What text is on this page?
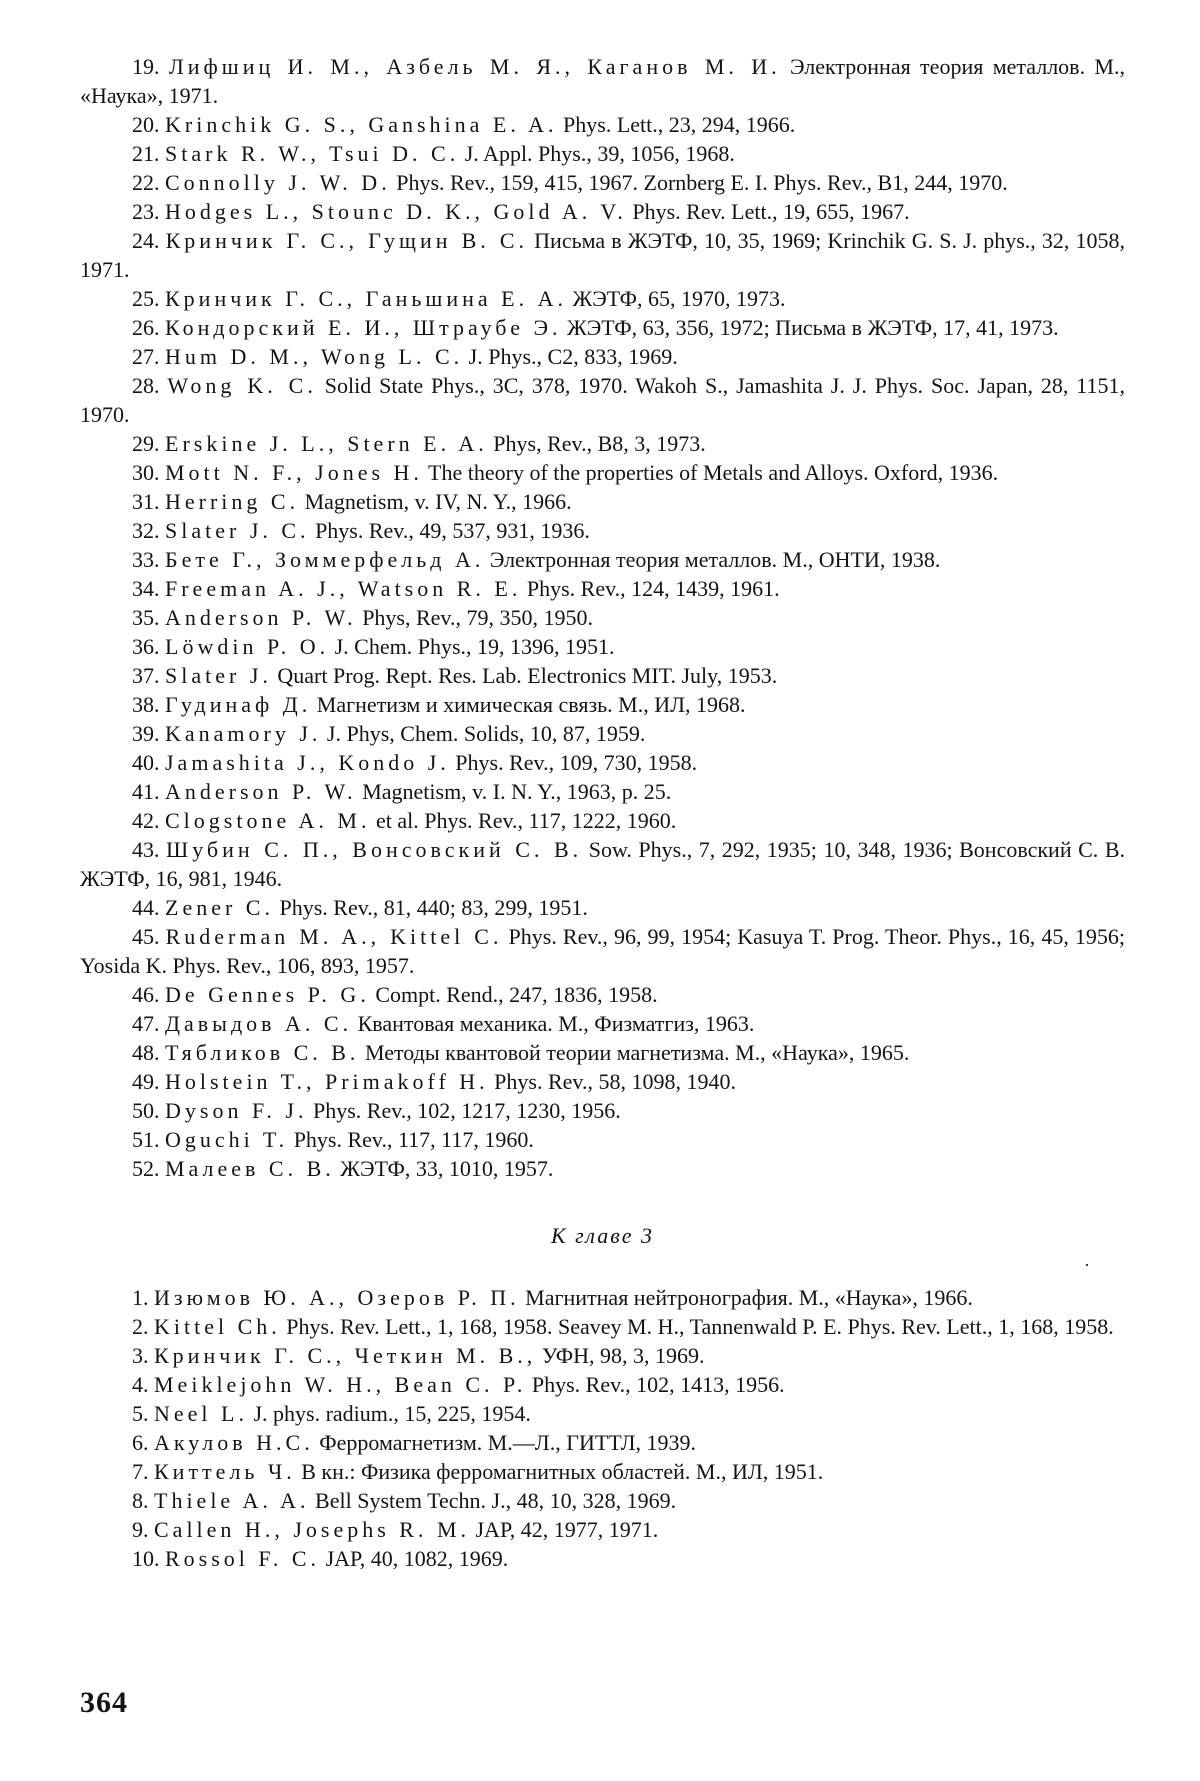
19. Лифшиц И. М., Азбель М. Я., Каганов М. И. Электронная теория металлов. М., «Наука», 1971.

20. Krinchik G. S., Ganshina E. A. Phys. Lett., 23, 294, 1966.

21. Stark R. W., Tsui D. C. J. Appl. Phys., 39, 1056, 1968.

22. Connolly J. W. D. Phys. Rev., 159, 415, 1967. Zornberg E. I. Phys. Rev., B1, 244, 1970.

23. Hodges L., Stounc D. K., Gold A. V. Phys. Rev. Lett., 19, 655, 1967.

24. Кринчик Г. С., Гущин В. С. Письма в ЖЭТФ, 10, 35, 1969; Krinchik G. S. J. phys., 32, 1058, 1971.

25. Кринчик Г. С., Ганьшина Е. А. ЖЭТФ, 65, 1970, 1973.

26. Кондорский Е. И., Штраубе Э. ЖЭТФ, 63, 356, 1972; Письма в ЖЭТФ, 17, 41, 1973.

27. Hum D. M., Wong L. C. J. Phys., C2, 833, 1969.

28. Wong K. C. Solid State Phys., 3C, 378, 1970. Wakoh S., Jamashita J. J. Phys. Soc. Japan, 28, 1151, 1970.

29. Erskine J. L., Stern E. A. Phys, Rev., B8, 3, 1973.

30. Mott N. F., Jones H. The theory of the properties of Metals and Alloys. Oxford, 1936.

31. Herring C. Magnetism, v. IV, N. Y., 1966.

32. Slater J. C. Phys. Rev., 49, 537, 931, 1936.

33. Бете Г., Зоммерфельд А. Электронная теория металлов. М., ОНТИ, 1938.

34. Freeman A. J., Watson R. E. Phys. Rev., 124, 1439, 1961.

35. Anderson P. W. Phys, Rev., 79, 350, 1950.

36. Löwdin P. O. J. Chem. Phys., 19, 1396, 1951.

37. Slater J. Quart Prog. Rept. Res. Lab. Electronics MIT. July, 1953.

38. Гудинаф Д. Магнетизм и химическая связь. М., ИЛ, 1968.

39. Kanamory J. J. Phys, Chem. Solids, 10, 87, 1959.

40. Jamashita J., Kondo J. Phys. Rev., 109, 730, 1958.

41. Anderson P. W. Magnetism, v. I. N. Y., 1963, p. 25.

42. Clogstone A. M. et al. Phys. Rev., 117, 1222, 1960.

43. Шубин С. П., Вонсовский С. В. Sow. Phys., 7, 292, 1935; 10, 348, 1936; Вонсовский С. В. ЖЭТФ, 16, 981, 1946.

44. Zener C. Phys. Rev., 81, 440; 83, 299, 1951.

45. Ruderman M. A., Kittel C. Phys. Rev., 96, 99, 1954; Kasuya T. Prog. Theor. Phys., 16, 45, 1956; Yosida K. Phys. Rev., 106, 893, 1957.

46. De Gennes P. G. Compt. Rend., 247, 1836, 1958.

47. Давыдов А. С. Квантовая механика. М., Физматгиз, 1963.

48. Тябликов С. В. Методы квантовой теории магнетизма. М., «Наука», 1965.

49. Holstein T., Primakoff H. Phys. Rev., 58, 1098, 1940.

50. Dyson F. J. Phys. Rev., 102, 1217, 1230, 1956.

51. Oguchi T. Phys. Rev., 117, 117, 1960.

52. Малеев С. В. ЖЭТФ, 33, 1010, 1957.

К главе 3

1. Изюмов Ю. А., Озеров Р. П. Магнитная нейтронография. М., «Наука», 1966.

2. Kittel Ch. Phys. Rev. Lett., 1, 168, 1958. Seavey M. H., Tannenwald P. E. Phys. Rev. Lett., 1, 168, 1958.

3. Кринчик Г. С., Четкин М. В., УФН, 98, 3, 1969.

4. Meiklejohn W. H., Bean C. P. Phys. Rev., 102, 1413, 1956.

5. Neel L. J. phys. radium., 15, 225, 1954.

6. Акулов Н.С. Ферромагнетизм. М.—Л., ГИТТЛ, 1939.

7. Киттель Ч. В кн.: Физика ферромагнитных областей. М., ИЛ, 1951.

8. Thiele A. A. Bell System Techn. J., 48, 10, 328, 1969.

9. Callen H., Josephs R. M. JAP, 42, 1977, 1971.

10. Rossol F. C. JAP, 40, 1082, 1969.

·
364
